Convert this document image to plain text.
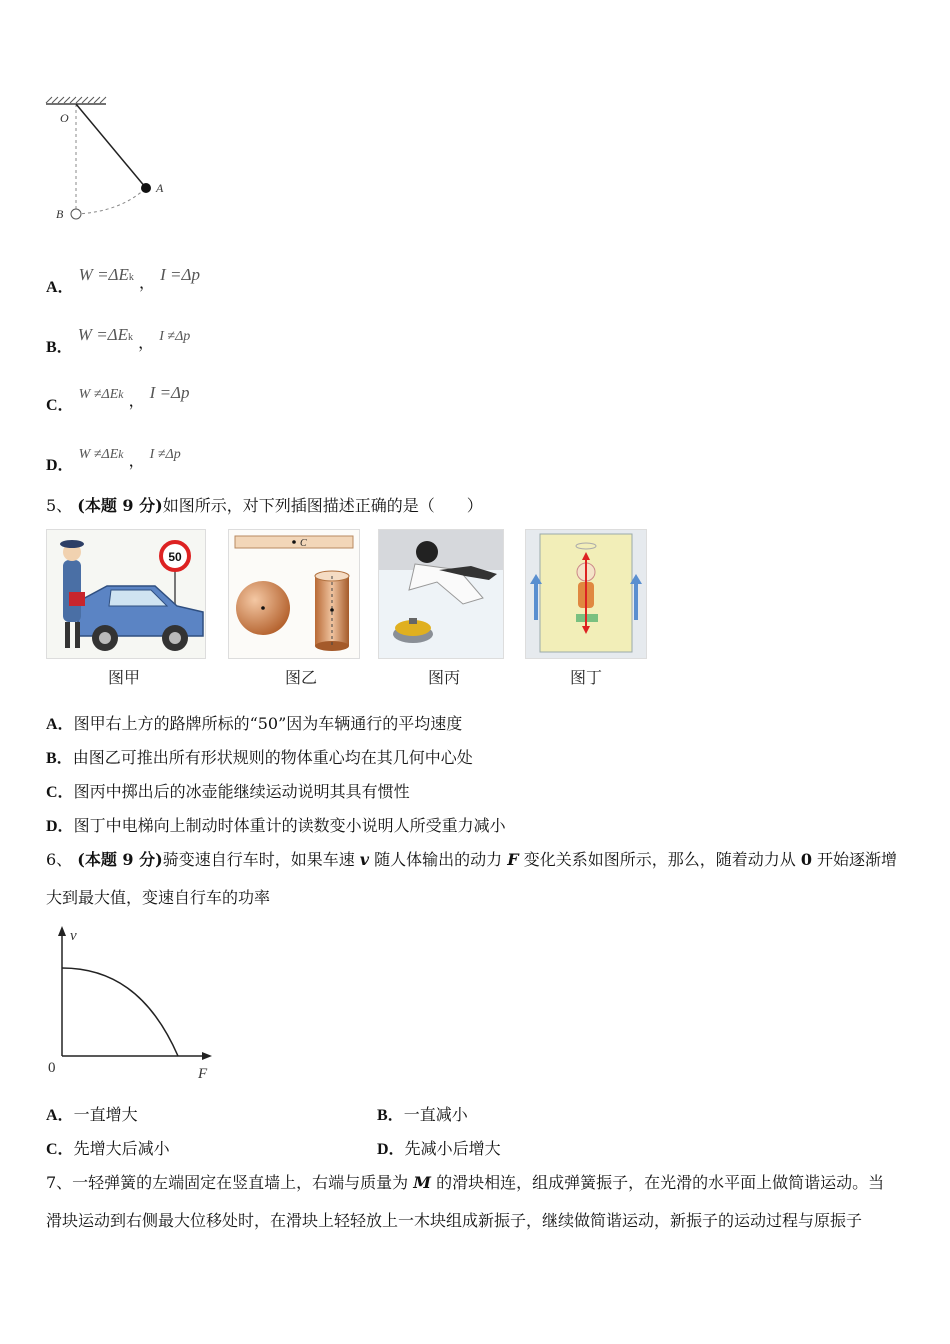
O
A
B
A． W =ΔEk ， I =Δp
B． W =ΔEk ， I ≠Δp
C． W ≠ΔEk ， I =Δp
D． W ≠ΔEk ， I ≠Δp
5、 (本题 9 分)如图所示，对下列插图描述正确的是（　　）
50
图甲
C
图乙	图丙	图丁
A．图甲右上方的路牌所标的“50”因为车辆通行的平均速度
B．由图乙可推出所有形状规则的物体重心均在其几何中心处
C．图丙中掷出后的冰壶能继续运动说明其具有惯性
D．图丁中电梯向上制动时体重计的读数变小说明人所受重力减小
6、 (本题 9 分)骑变速自行车时，如果车速 v 随人体输出的动力 F 变化关系如图所示，那么，随着动力从 0 开始逐渐增
大到最大值，变速自行车的功率
v
F
0
A．一直增大	B．一直减小
C．先增大后减小	D．先减小后增大
7、一轻弹簧的左端固定在竖直墙上，右端与质量为 M 的滑块相连，组成弹簧振子，在光滑的水平面上做简谐运动。当
滑块运动到右侧最大位移处时，在滑块上轻轻放上一木块组成新振子，继续做简谐运动，新振子的运动过程与原振子
